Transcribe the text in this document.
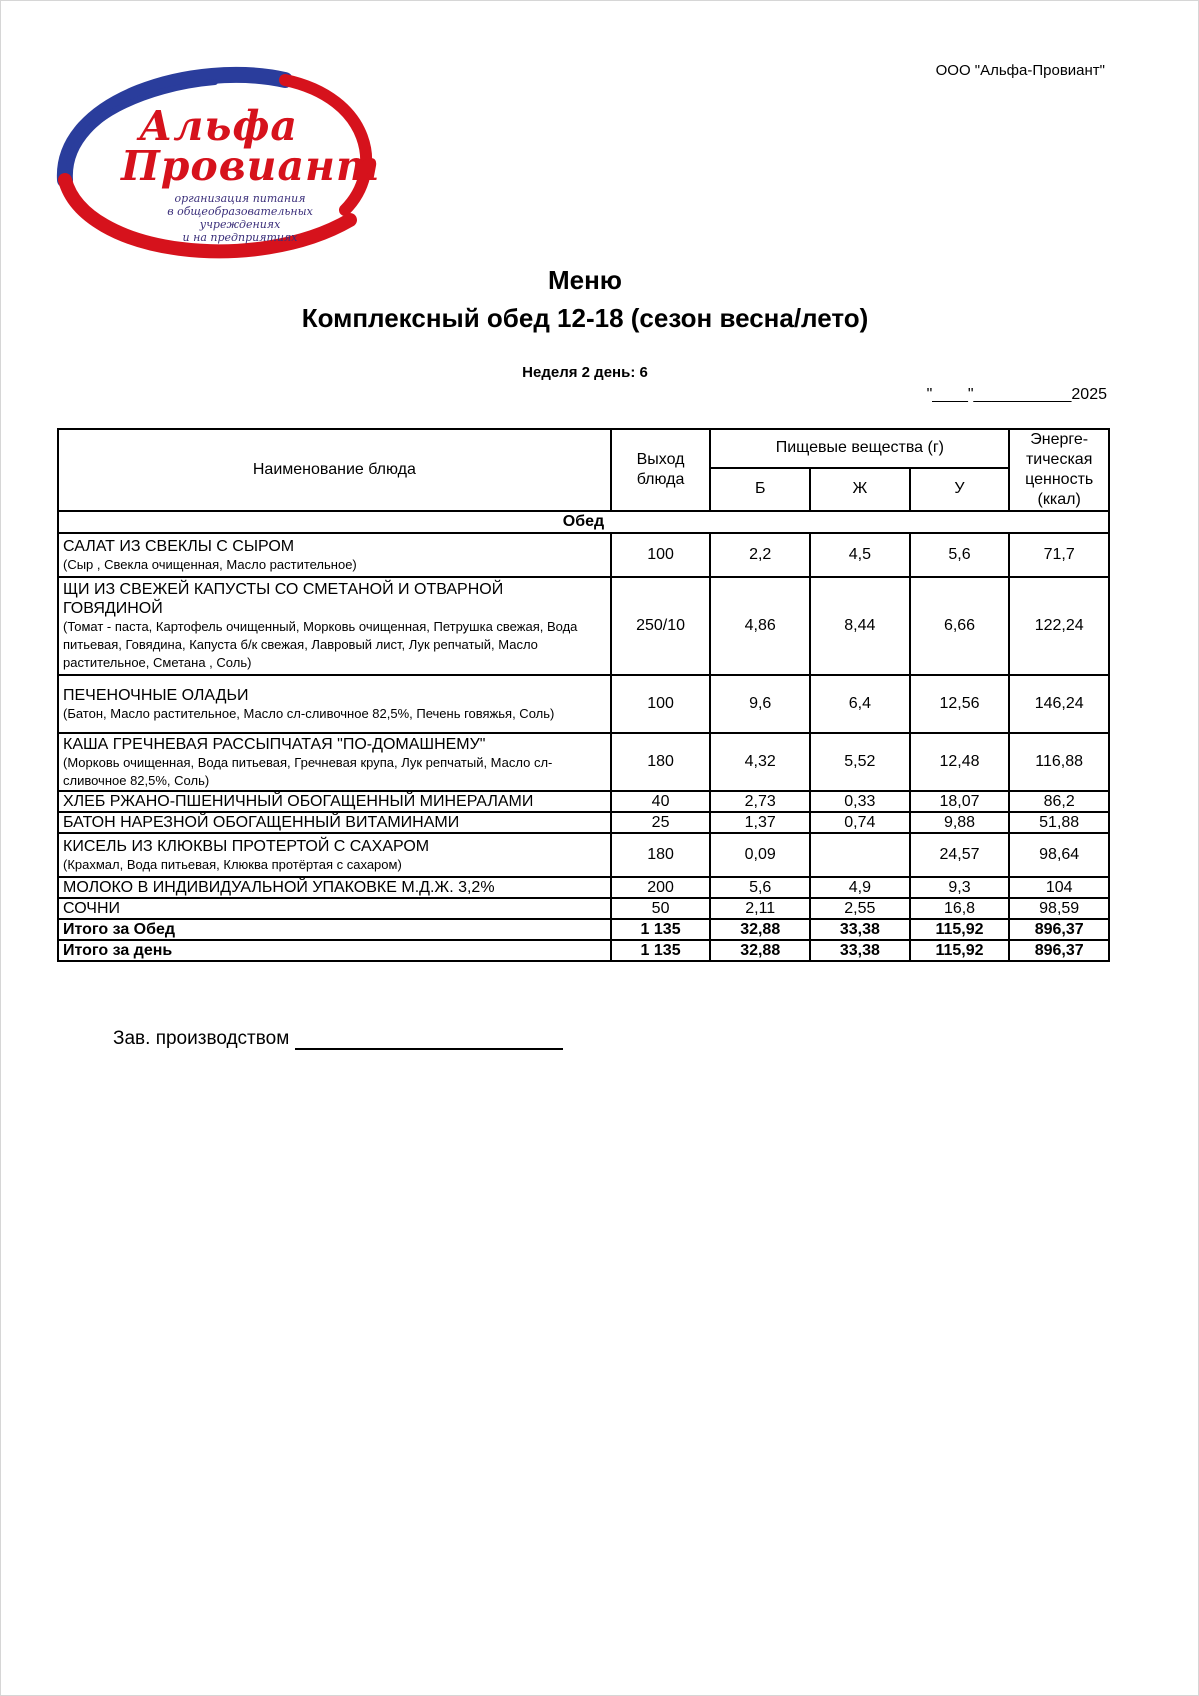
ООО "Альфа-Провиант"
Альфа
Провиант
организация питания
в общеобразовательных учреждениях
и на предприятиях
Меню
Комплексный обед 12-18 (сезон весна/лето)
Неделя 2 день: 6
"____"___________2025
Наименование блюда	Выход блюда	Пищевые вещества (г)			Энерге-тическая ценность (ккал)
		Б	Ж	У	
Обед					

САЛАТ ИЗ СВЕКЛЫ С СЫРОМ
(Сыр , Свекла очищенная, Масло растительное)	100	2,2	4,5	5,6	71,7

ЩИ ИЗ СВЕЖЕЙ КАПУСТЫ СО СМЕТАНОЙ И ОТВАРНОЙ ГОВЯДИНОЙ
(Томат - паста, Картофель очищенный, Морковь очищенная, Петрушка свежая, Вода питьевая, Говядина, Капуста б/к свежая, Лавровый лист, Лук репчатый, Масло растительное, Сметана , Соль)	250/10	4,86	8,44	6,66	122,24

ПЕЧЕНОЧНЫЕ ОЛАДЬИ
(Батон, Масло растительное, Масло сл-сливочное 82,5%, Печень говяжья, Соль)	100	9,6	6,4	12,56	146,24

КАША ГРЕЧНЕВАЯ РАССЫПЧАТАЯ "ПО-ДОМАШНЕМУ"
(Морковь очищенная, Вода питьевая, Гречневая крупа, Лук репчатый, Масло сл-сливочное 82,5%, Соль)	180	4,32	5,52	12,48	116,88
ХЛЕБ РЖАНО-ПШЕНИЧНЫЙ ОБОГАЩЕННЫЙ МИНЕРАЛАМИ	40	2,73	0,33	18,07	86,2
БАТОН НАРЕЗНОЙ ОБОГАЩЕННЫЙ ВИТАМИНАМИ	25	1,37	0,74	9,88	51,88

КИСЕЛЬ ИЗ КЛЮКВЫ ПРОТЕРТОЙ С САХАРОМ
(Крахмал, Вода питьевая, Клюква протёртая с сахаром)	180	0,09		24,57	98,64
МОЛОКО В ИНДИВИДУАЛЬНОЙ УПАКОВКЕ М.Д.Ж. 3,2%	200	5,6	4,9	9,3	104
СОЧНИ	50	2,11	2,55	16,8	98,59
Итого за Обед	1 135	32,88	33,38	115,92	896,37
Итого за день	1 135	32,88	33,38	115,92	896,37
Зав. производством
